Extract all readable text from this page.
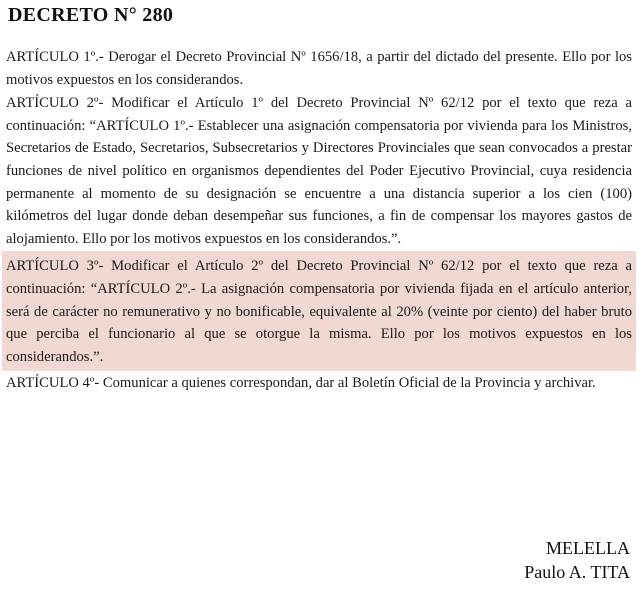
DECRETO N° 280

ARTÍCULO 1º.- Derogar el Decreto Provincial Nº 1656/18, a partir del dictado del presente. Ello por los motivos expuestos en los considerandos.

ARTÍCULO 2º- Modificar el Artículo 1º del Decreto Provincial Nº 62/12 por el texto que reza a continuación: “ARTÍCULO 1º.- Establecer una asignación compensatoria por vivienda para los Ministros, Secretarios de Estado, Secretarios, Subsecretarios y Directores Provinciales que sean convocados a prestar funciones de nivel político en organismos dependientes del Poder Ejecutivo Provincial, cuya residencia permanente al momento de su designación se encuentre a una distancia superior a los cien (100) kilómetros del lugar donde deban desempeñar sus funciones, a fin de compensar los mayores gastos de alojamiento. Ello por los motivos expuestos en los considerandos.”.

ARTÍCULO 3º- Modificar el Artículo 2º del Decreto Provincial Nº 62/12 por el texto que reza a continuación: “ARTÍCULO 2º.- La asignación compensatoria por vivienda fijada en el artículo anterior, será de carácter no remunerativo y no bonificable, equivalente al 20% (veinte por ciento) del haber bruto que perciba el funcionario al que se otorgue la misma. Ello por los motivos expuestos en los considerandos.”.

ARTÍCULO 4º- Comunicar a quienes correspondan, dar al Boletín Oficial de la Provincia y archivar.

MELELLA
Paulo A. TITA
